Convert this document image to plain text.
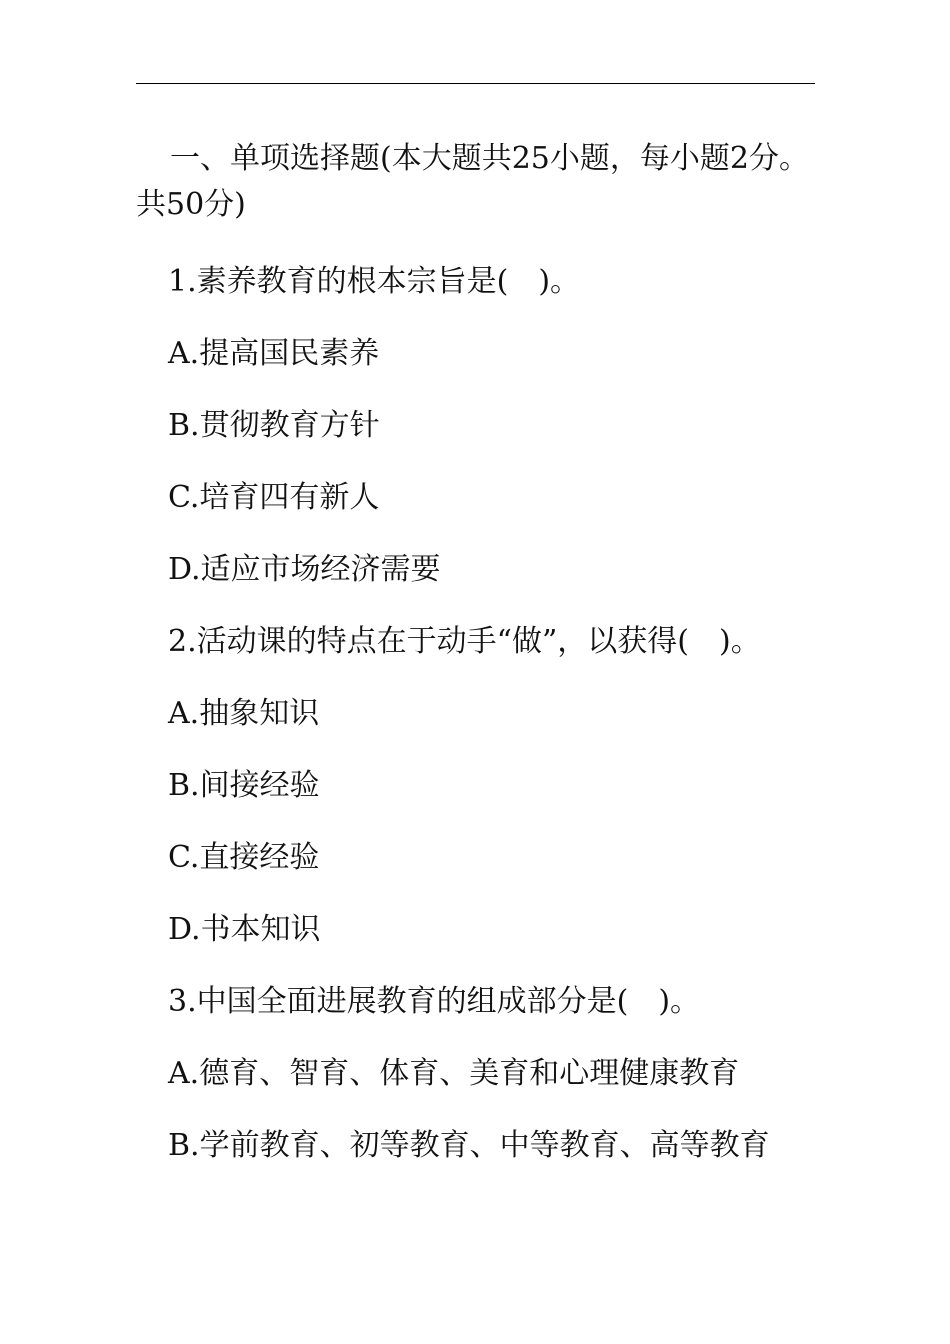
一、单项选择题(本大题共25小题，每小题2分。共50分)

1.素养教育的根本宗旨是(　)。

A.提高国民素养

B.贯彻教育方针

C.培育四有新人

D.适应市场经济需要

2.活动课的特点在于动手“做”，以获得(　)。

A.抽象知识

B.间接经验

C.直接经验

D.书本知识

3.中国全面进展教育的组成部分是(　)。

A.德育、智育、体育、美育和心理健康教育

B.学前教育、初等教育、中等教育、高等教育
